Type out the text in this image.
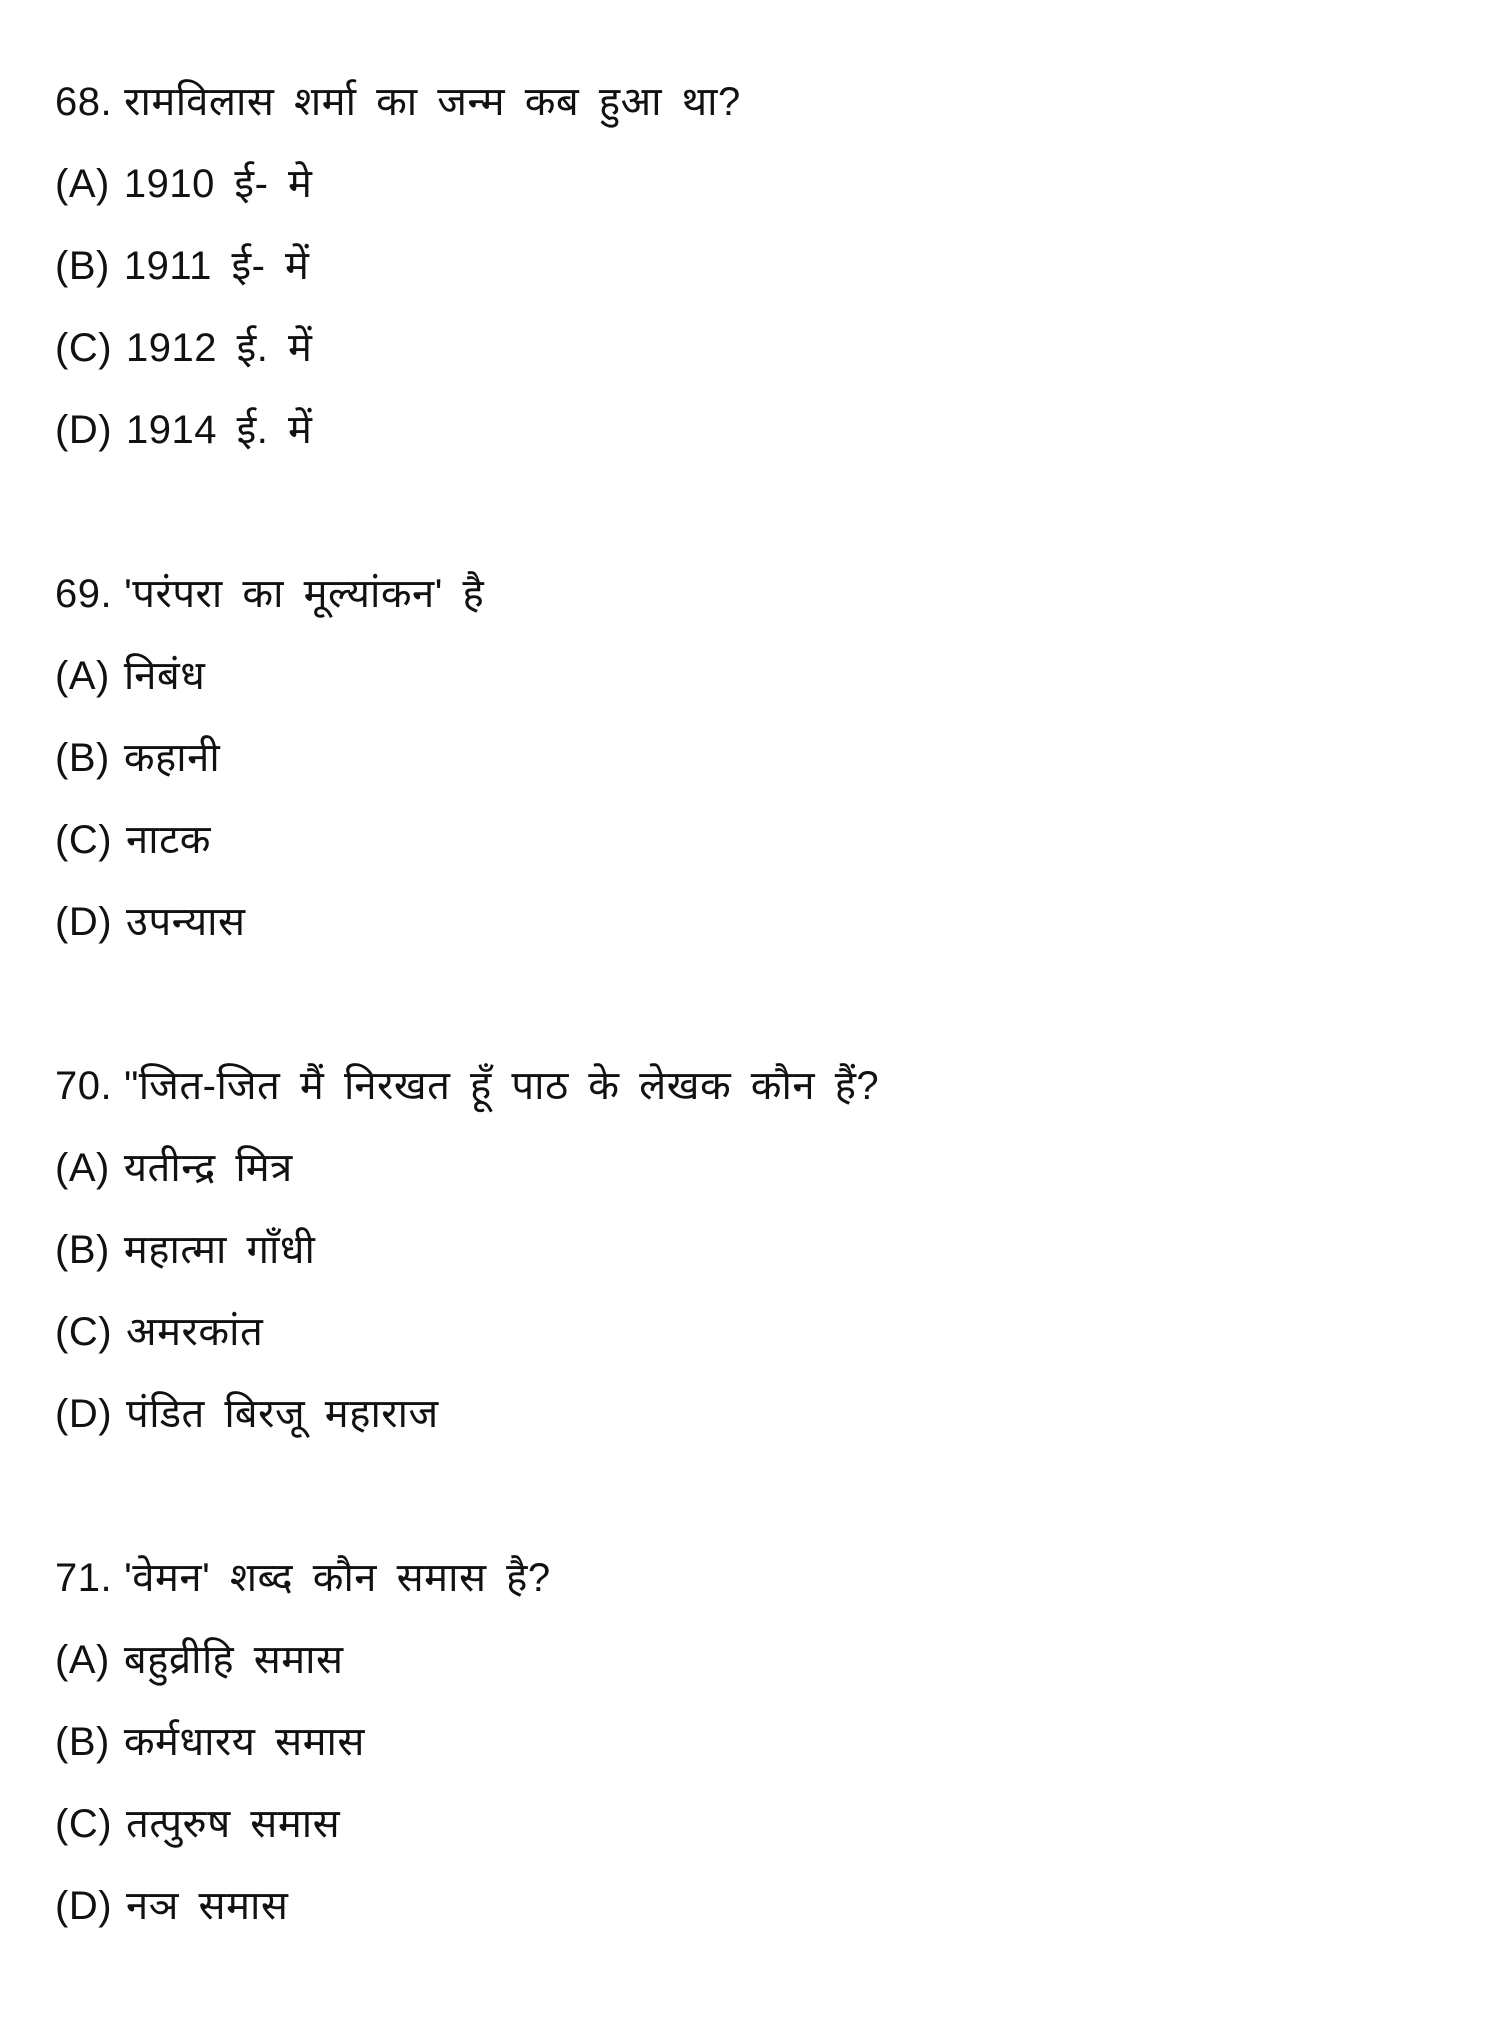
68. रामविलास शर्मा का जन्म कब हुआ था?
(A) 1910 ई- मे
(B) 1911 ई- में
(C) 1912 ई. में
(D) 1914 ई. में
69. 'परंपरा का मूल्यांकन' है
(A) निबंध
(B) कहानी
(C) नाटक
(D) उपन्यास
70. "जित-जित मैं निरखत हूँ पाठ के लेखक कौन हैं?
(A) यतीन्द्र मित्र
(B) महात्मा गाँधी
(C) अमरकांत
(D) पंडित बिरजू महाराज
71. 'वेमन' शब्द कौन समास है?
(A) बहुव्रीहि समास
(B) कर्मधारय समास
(C) तत्पुरुष समास
(D) नञ समास
